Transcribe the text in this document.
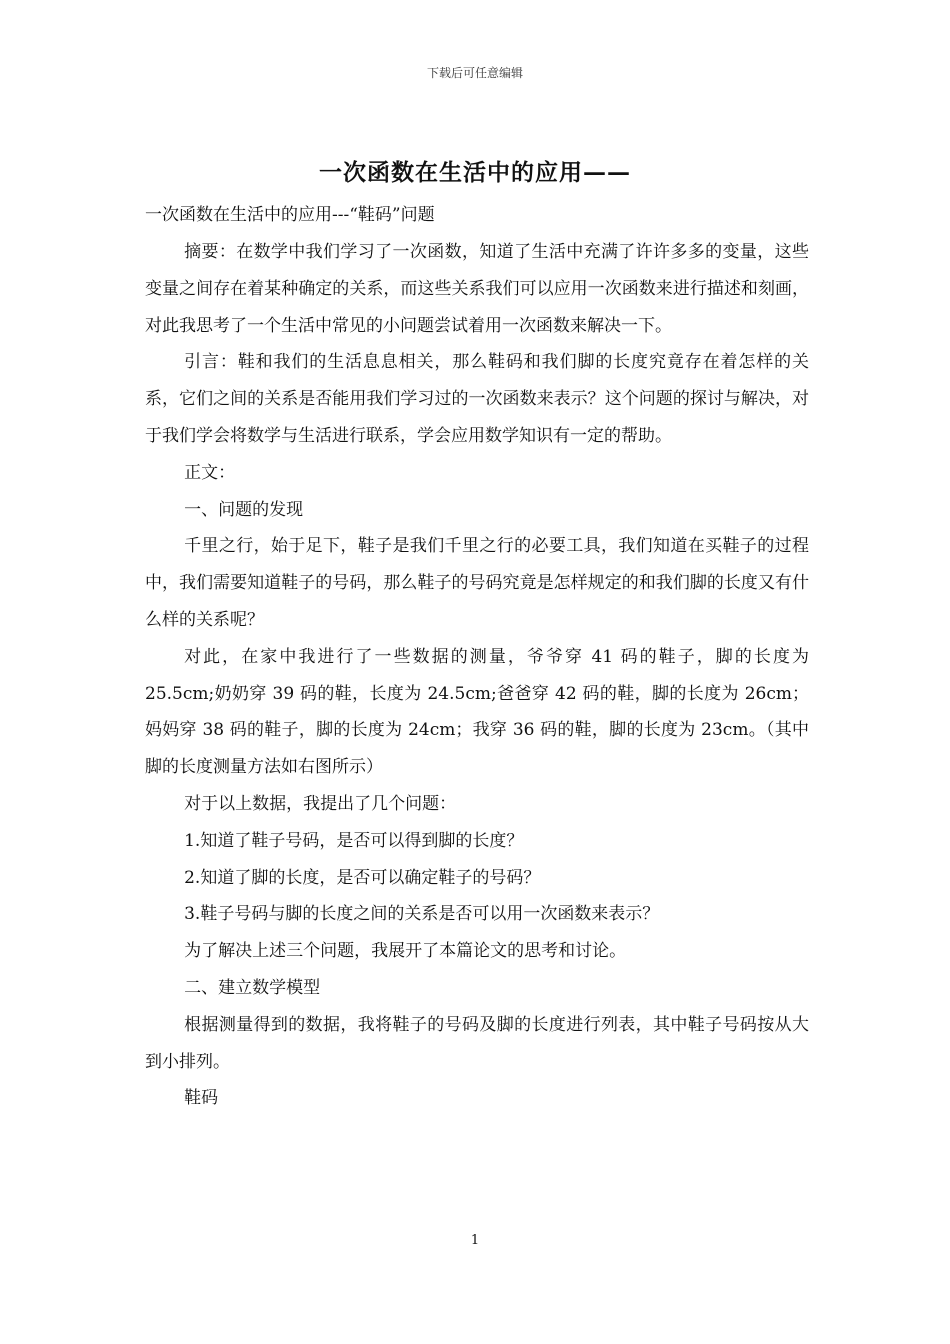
下载后可任意编辑
一次函数在生活中的应用——
一次函数在生活中的应用---“鞋码”问题

摘要：在数学中我们学习了一次函数，知道了生活中充满了许许多多的变量，这些变量之间存在着某种确定的关系，而这些关系我们可以应用一次函数来进行描述和刻画，对此我思考了一个生活中常见的小问题尝试着用一次函数来解决一下。

引言：鞋和我们的生活息息相关，那么鞋码和我们脚的长度究竟存在着怎样的关系，它们之间的关系是否能用我们学习过的一次函数来表示？这个问题的探讨与解决，对于我们学会将数学与生活进行联系，学会应用数学知识有一定的帮助。

正文：

一、问题的发现

千里之行，始于足下，鞋子是我们千里之行的必要工具，我们知道在买鞋子的过程中，我们需要知道鞋子的号码，那么鞋子的号码究竟是怎样规定的和我们脚的长度又有什么样的关系呢？

对此，在家中我进行了一些数据的测量，爷爷穿 41 码的鞋子，脚的长度为 25.5cm;奶奶穿 39 码的鞋，长度为 24.5cm;爸爸穿 42 码的鞋，脚的长度为 26cm；妈妈穿 38 码的鞋子，脚的长度为 24cm；我穿 36 码的鞋，脚的长度为 23cm。（其中脚的长度测量方法如右图所示）

对于以上数据，我提出了几个问题：

1.知道了鞋子号码，是否可以得到脚的长度？

2.知道了脚的长度，是否可以确定鞋子的号码？

3.鞋子号码与脚的长度之间的关系是否可以用一次函数来表示？

为了解决上述三个问题，我展开了本篇论文的思考和讨论。

二、建立数学模型

根据测量得到的数据，我将鞋子的号码及脚的长度进行列表，其中鞋子号码按从大到小排列。

鞋码

1
